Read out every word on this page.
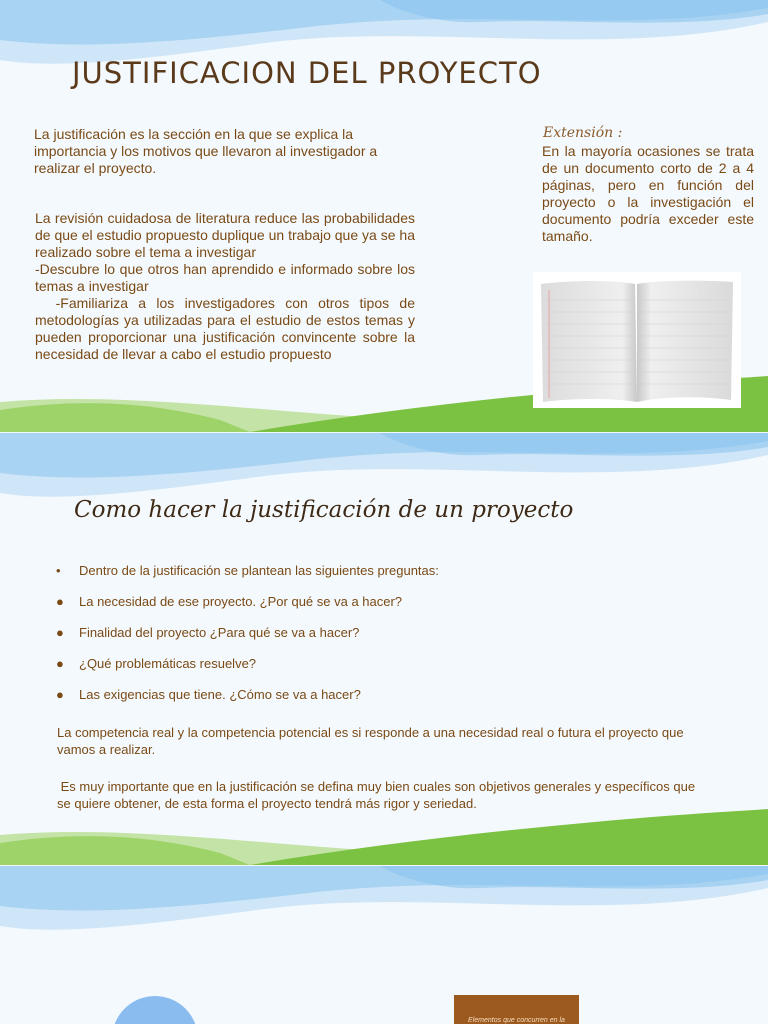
JUSTIFICACION DEL PROYECTO

La justificación es la sección en la que se explica la importancia y los motivos que llevaron al investigador a realizar el proyecto.

La revisión cuidadosa de literatura reduce las probabilidades de que el estudio propuesto duplique un trabajo que ya se ha realizado sobre el tema a investigar
-Descubre lo que otros han aprendido e informado sobre los temas a investigar
-Familiariza a los investigadores con otros tipos de metodologías ya utilizadas para el estudio de estos temas y pueden proporcionar una justificación convincente sobre la necesidad de llevar a cabo el estudio propuesto

Extensión :

En la mayoría ocasiones se trata de un documento corto de 2 a 4 páginas, pero en función del proyecto o la investigación el documento podría exceder este tamaño.

Como hacer la justificación de un proyecto
• Dentro de la justificación se plantean las siguientes preguntas:
● La necesidad de ese proyecto. ¿Por qué se va a hacer?
● Finalidad del proyecto ¿Para qué se va a hacer?
● ¿Qué problemáticas resuelve?
● Las exigencias que tiene. ¿Cómo se va a hacer?

La competencia real y la competencia potencial es si responde a una necesidad real o futura el proyecto que vamos a realizar.

Es muy importante que en la justificación se defina muy bien cuales son objetivos generales y específicos que se quiere obtener, de esta forma el proyecto tendrá más rigor y seriedad.

Elementos que concurren en la
